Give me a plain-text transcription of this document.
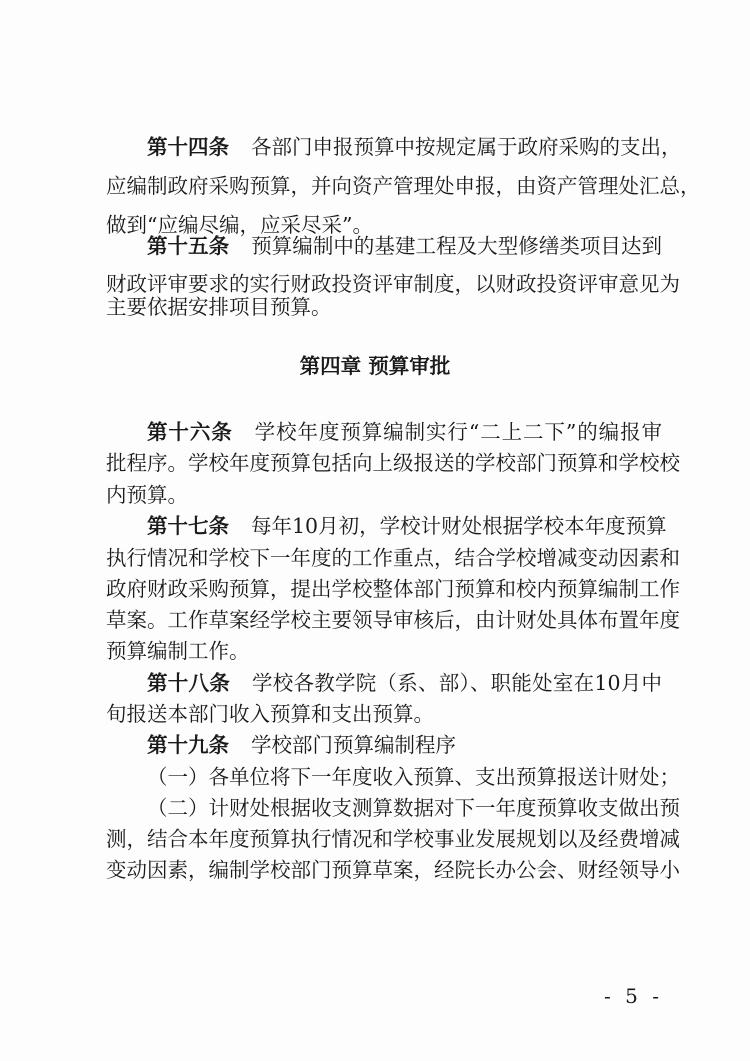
第十四条 各部门申报预算中按规定属于政府采购的支出，
应编制政府采购预算，并向资产管理处申报，由资产管理处汇总，
做到“应编尽编，应采尽采”。
第十五条 预算编制中的基建工程及大型修缮类项目达到
财政评审要求的实行财政投资评审制度，以财政投资评审意见为
主要依据安排项目预算。
第四章 预算审批
第十六条 学校年度预算编制实行“二上二下”的编报审
批程序。学校年度预算包括向上级报送的学校部门预算和学校校
内预算。
第十七条 每年10月初，学校计财处根据学校本年度预算
执行情况和学校下一年度的工作重点，结合学校增减变动因素和
政府财政采购预算，提出学校整体部门预算和校内预算编制工作
草案。工作草案经学校主要领导审核后，由计财处具体布置年度
预算编制工作。
第十八条 学校各教学院（系、部）、职能处室在10月中
旬报送本部门收入预算和支出预算。
第十九条 学校部门预算编制程序
（一）各单位将下一年度收入预算、支出预算报送计财处；
（二）计财处根据收支测算数据对下一年度预算收支做出预
测，结合本年度预算执行情况和学校事业发展规划以及经费增减
变动因素，编制学校部门预算草案，经院长办公会、财经领导小
- 5 -
